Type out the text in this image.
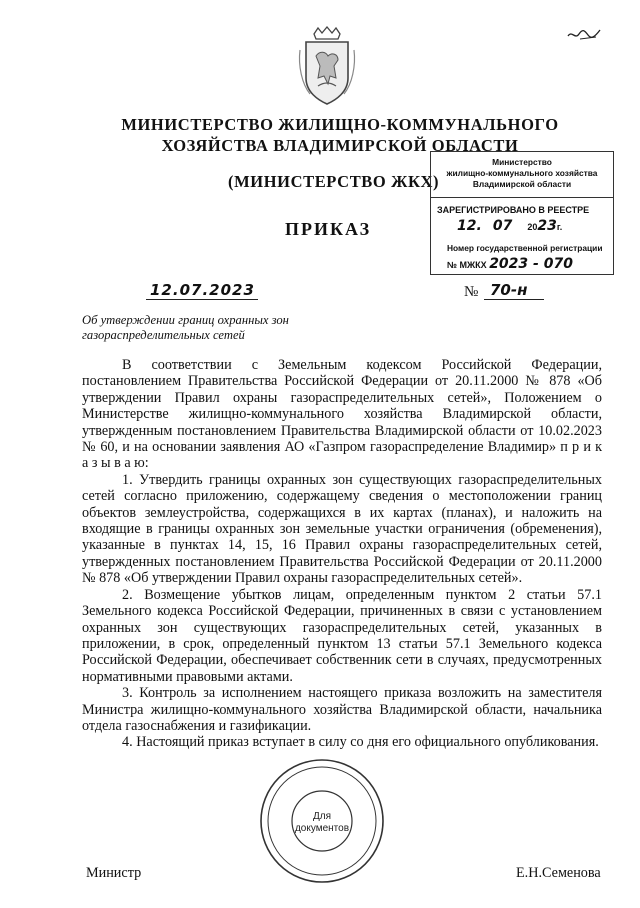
МИНИСТЕРСТВО ЖИЛИЩНО-КОММУНАЛЬНОГО
ХОЗЯЙСТВА ВЛАДИМИРСКОЙ ОБЛАСТИ
(МИНИСТЕРСТВО ЖКХ)
Министерство
жилищно-коммунального хозяйства
Владимирской области
ЗАРЕГИСТРИРОВАНО В РЕЕСТРЕ
12. 07 2023г.
Номер государственной регистрации
№ МЖКХ 2023 - 070
ПРИКАЗ
12.07.2023	№ 70-н
Об утверждении границ охранных зон
газораспределительных сетей

В соответствии с Земельным кодексом Российской Федерации, постановлением Правительства Российской Федерации от 20.11.2000 № 878 «Об утверждении Правил охраны газораспределительных сетей», Положением о Министерстве жилищно-коммунального хозяйства Владимирской области, утвержденным постановлением Правительства Владимирской области от 10.02.2023 № 60, и на основании заявления АО «Газпром газораспределение Владимир» п р и к а з ы в а ю:

1. Утвердить границы охранных зон существующих газораспределительных сетей согласно приложению, содержащему сведения о местоположении границ объектов землеустройства, содержащихся в их картах (планах), и наложить на входящие в границы охранных зон земельные участки ограничения (обременения), указанные в пунктах 14, 15, 16 Правил охраны газораспределительных сетей, утвержденных постановлением Правительства Российской Федерации от 20.11.2000 № 878 «Об утверждении Правил охраны газораспределительных сетей».

2. Возмещение убытков лицам, определенным пунктом 2 статьи 57.1 Земельного кодекса Российской Федерации, причиненных в связи с установлением охранных зон существующих газораспределительных сетей, указанных в приложении, в срок, определенный пунктом 13 статьи 57.1 Земельного кодекса Российской Федерации, обеспечивает собственник сети в случаях, предусмотренных нормативными правовыми актами.

3. Контроль за исполнением настоящего приказа возложить на заместителя Министра жилищно-коммунального хозяйства Владимирской области, начальника отдела газоснабжения и газификации.

4. Настоящий приказ вступает в силу со дня его официального опубликования.

Для
документов
Министр	Е.Н.Семенова
